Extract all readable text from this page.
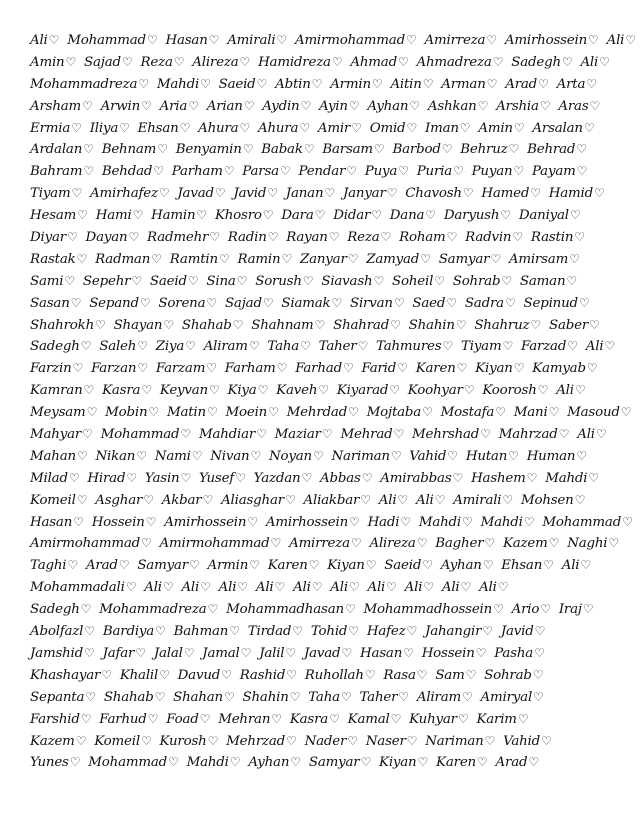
Ali♡ Mohammad♡ Hasan♡ Amirali♡ Amirmohammad♡ Amirreza♡ Amirhossein♡ Ali♡
Amin♡ Sajad♡ Reza♡ Alireza♡ Hamidreza♡ Ahmad♡ Ahmadreza♡ Sadegh♡ Ali♡
Mohammadreza♡ Mahdi♡ Saeid♡ Abtin♡ Armin♡ Aitin♡ Arman♡ Arad♡ Arta♡
Arsham♡ Arwin♡ Aria♡ Arian♡ Aydin♡ Ayin♡ Ayhan♡ Ashkan♡ Arshia♡ Aras♡
Ermia♡ Iliya♡ Ehsan♡ Ahura♡ Ahura♡ Amir♡ Omid♡ Iman♡ Amin♡ Arsalan♡
Ardalan♡ Behnam♡ Benyamin♡ Babak♡ Barsam♡ Barbod♡ Behruz♡ Behrad♡
Bahram♡ Behdad♡ Parham♡ Parsa♡ Pendar♡ Puya♡ Puria♡ Puyan♡ Payam♡
Tiyam♡ Amirhafez♡ Javad♡ Javid♡ Janan♡ Janyar♡ Chavosh♡ Hamed♡ Hamid♡
Hesam♡ Hami♡ Hamin♡ Khosro♡ Dara♡ Didar♡ Dana♡ Daryush♡ Daniyal♡
Diyar♡ Dayan♡ Radmehr♡ Radin♡ Rayan♡ Reza♡ Roham♡ Radvin♡ Rastin♡
Rastak♡ Radman♡ Ramtin♡ Ramin♡ Zanyar♡ Zamyad♡ Samyar♡ Amirsam♡
Sami♡ Sepehr♡ Saeid♡ Sina♡ Sorush♡ Siavash♡ Soheil♡ Sohrab♡ Saman♡
Sasan♡ Sepand♡ Sorena♡ Sajad♡ Siamak♡ Sirvan♡ Saed♡ Sadra♡ Sepinud♡
Shahrokh♡ Shayan♡ Shahab♡ Shahnam♡ Shahrad♡ Shahin♡ Shahruz♡ Saber♡
Sadegh♡ Saleh♡ Ziya♡ Aliram♡ Taha♡ Taher♡ Tahmures♡ Tiyam♡ Farzad♡ Ali♡
Farzin♡ Farzan♡ Farzam♡ Farham♡ Farhad♡ Farid♡ Karen♡ Kiyan♡ Kamyab♡
Kamran♡ Kasra♡ Keyvan♡ Kiya♡ Kaveh♡ Kiyarad♡ Koohyar♡ Koorosh♡ Ali♡
Meysam♡ Mobin♡ Matin♡ Moein♡ Mehrdad♡ Mojtaba♡ Mostafa♡ Mani♡ Masoud♡
Mahyar♡ Mohammad♡ Mahdiar♡ Maziar♡ Mehrad♡ Mehrshad♡ Mahrzad♡ Ali♡
Mahan♡ Nikan♡ Nami♡ Nivan♡ Noyan♡ Nariman♡ Vahid♡ Hutan♡ Human♡
Milad♡ Hirad♡ Yasin♡ Yusef♡ Yazdan♡ Abbas♡ Amirabbas♡ Hashem♡ Mahdi♡
Komeil♡ Asghar♡ Akbar♡ Aliasghar♡ Aliakbar♡ Ali♡ Ali♡ Amirali♡ Mohsen♡
Hasan♡ Hossein♡ Amirhossein♡ Amirhossein♡ Hadi♡ Mahdi♡ Mahdi♡ Mohammad♡
Amirmohammad♡ Amirmohammad♡ Amirreza♡ Alireza♡ Bagher♡ Kazem♡ Naghi♡
Taghi♡ Arad♡ Samyar♡ Armin♡ Karen♡ Kiyan♡ Saeid♡ Ayhan♡ Ehsan♡ Ali♡
Mohammadali♡ Ali♡ Ali♡ Ali♡ Ali♡ Ali♡ Ali♡ Ali♡ Ali♡ Ali♡ Ali♡
Sadegh♡ Mohammadreza♡ Mohammadhasan♡ Mohammadhossein♡ Ario♡ Iraj♡
Abolfazl♡ Bardiya♡ Bahman♡ Tirdad♡ Tohid♡ Hafez♡ Jahangir♡ Javid♡
Jamshid♡ Jafar♡ Jalal♡ Jamal♡ Jalil♡ Javad♡ Hasan♡ Hossein♡ Pasha♡
Khashayar♡ Khalil♡ Davud♡ Rashid♡ Ruhollah♡ Rasa♡ Sam♡ Sohrab♡
Sepanta♡ Shahab♡ Shahan♡ Shahin♡ Taha♡ Taher♡ Aliram♡ Amiryal♡
Farshid♡ Farhud♡ Foad♡ Mehran♡ Kasra♡ Kamal♡ Kuhyar♡ Karim♡
Kazem♡ Komeil♡ Kurosh♡ Mehrzad♡ Nader♡ Naser♡ Nariman♡ Vahid♡
Yunes♡ Mohammad♡ Mahdi♡ Ayhan♡ Samyar♡ Kiyan♡ Karen♡ Arad♡
